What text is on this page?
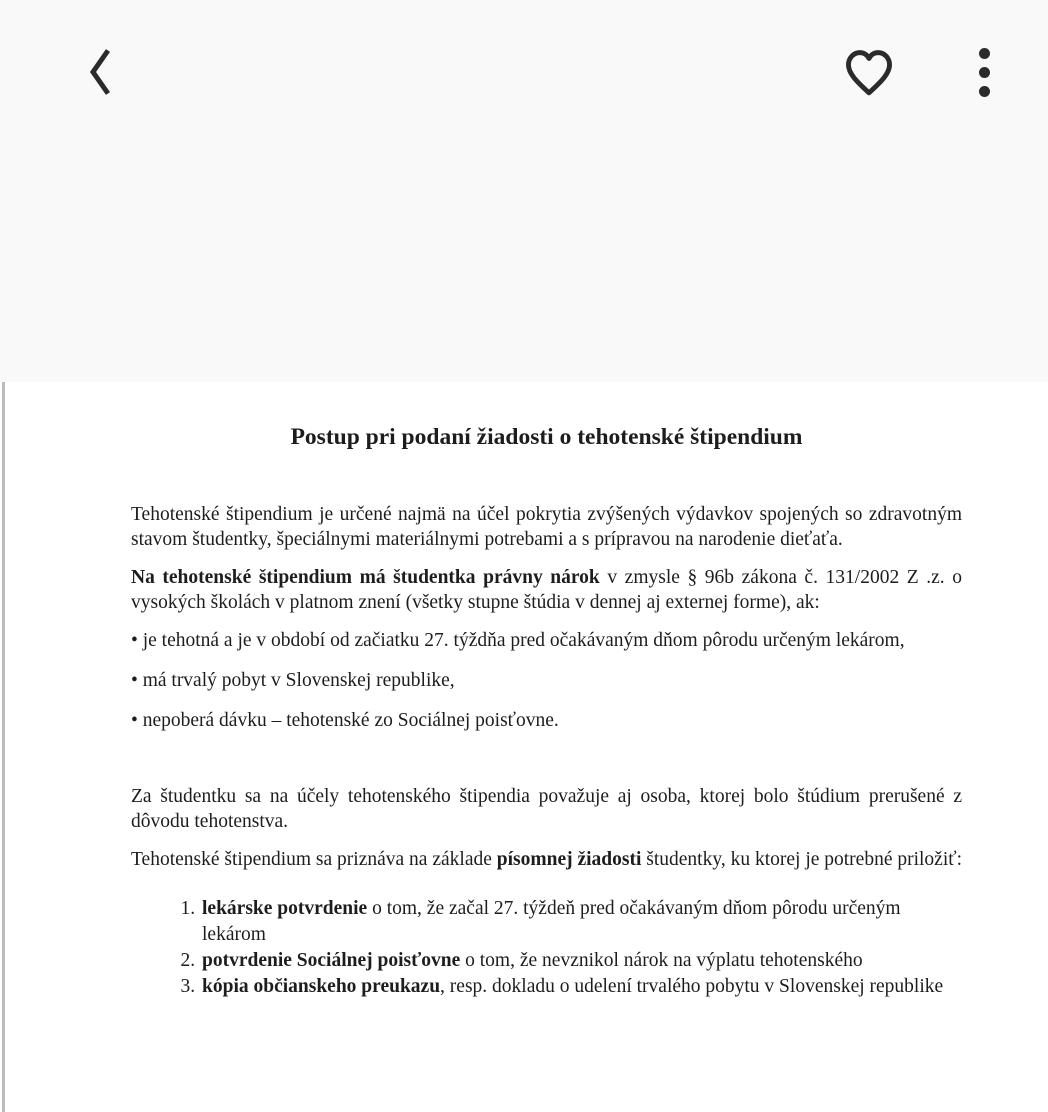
Postup pri podaní žiadosti o tehotenské štipendium

Tehotenské štipendium je určené najmä na účel pokrytia zvýšených výdavkov spojených so zdravotným stavom študentky, špeciálnymi materiálnymi potrebami a s prípravou na narodenie dieťaťa.

Na tehotenské štipendium má študentka právny nárok v zmysle § 96b zákona č. 131/2002 Z .z. o vysokých školách v platnom znení (všetky stupne štúdia v dennej aj externej forme), ak:

• je tehotná a je v období od začiatku 27. týždňa pred očakávaným dňom pôrodu určeným lekárom,

• má trvalý pobyt v Slovenskej republike,

• nepoberá dávku – tehotenské zo Sociálnej poisťovne.

Za študentku sa na účely tehotenského štipendia považuje aj osoba, ktorej bolo štúdium prerušené z dôvodu tehotenstva.

Tehotenské štipendium sa priznáva na základe písomnej žiadosti študentky, ku ktorej je potrebné priložiť:

1. lekárske potvrdenie o tom, že začal 27. týždeň pred očakávaným dňom pôrodu určeným lekárom
2. potvrdenie Sociálnej poisťovne o tom, že nevznikol nárok na výplatu tehotenského
3. kópia občianskeho preukazu, resp. dokladu o udelení trvalého pobytu v Slovenskej republike
